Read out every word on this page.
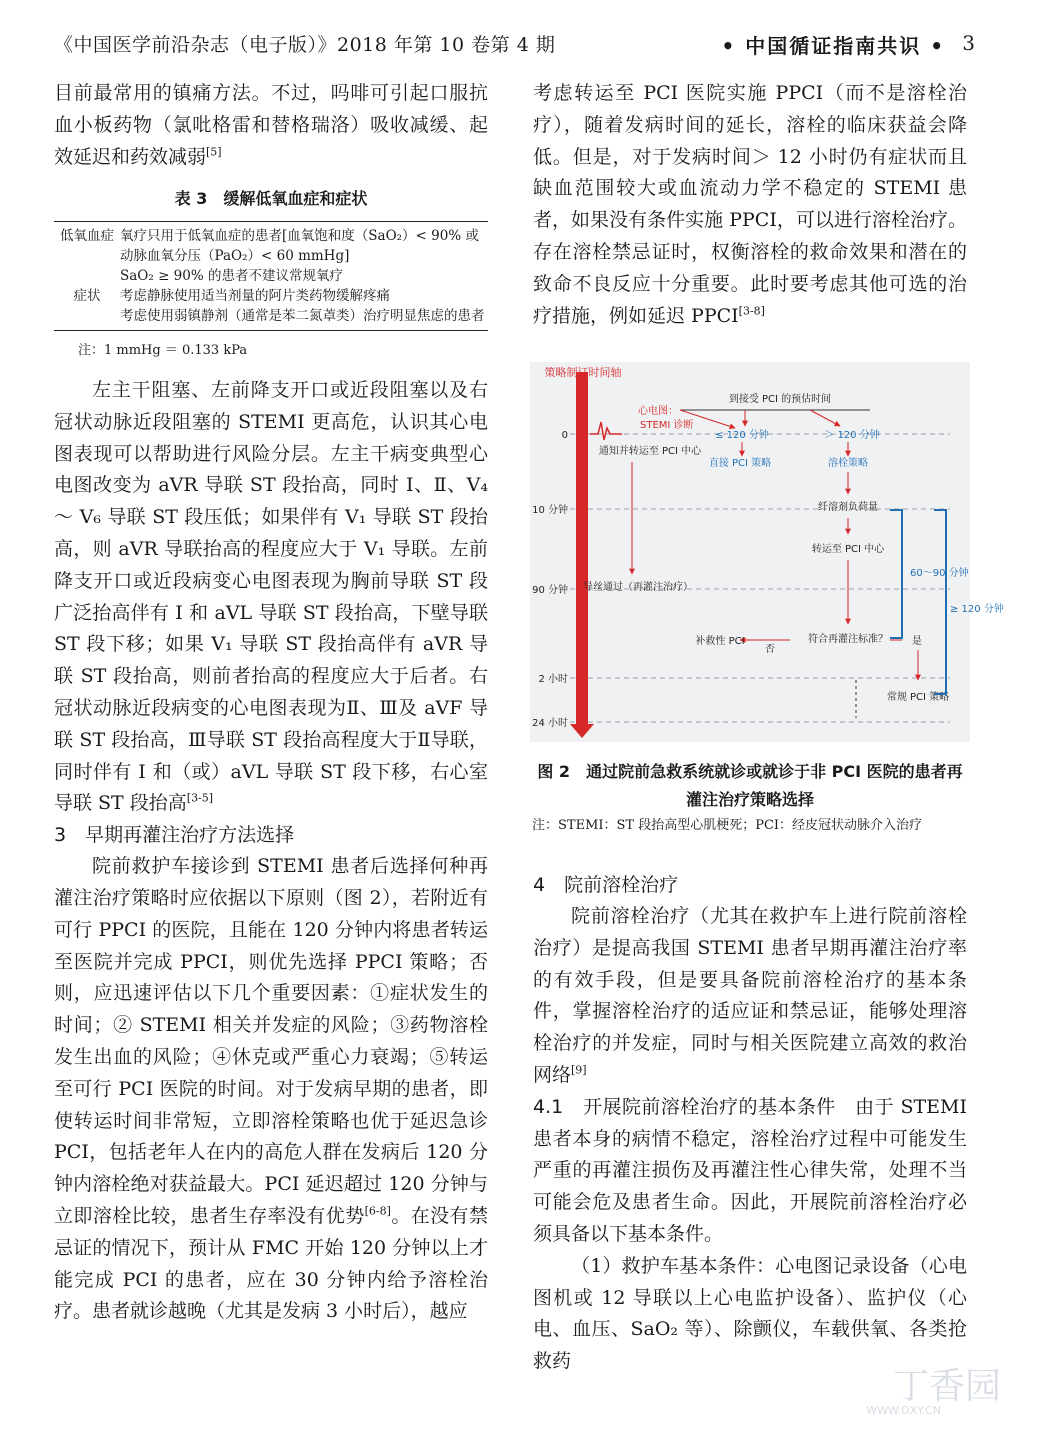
《中国医学前沿杂志（电子版）》2018 年第 10 卷第 4 期	• 中国循证指南共识 • 3

目前最常用的镇痛方法。不过，吗啡可引起口服抗血小板药物（氯吡格雷和替格瑞洛）吸收减缓、起效延迟和药效减弱[5]

表 3　缓解低氧血症和症状
低氧血症 氧疗只用于低氧血症的患者[血氧饱和度（SaO₂）< 90% 或动脉血氧分压（PaO₂）< 60 mmHg]
SaO₂ ≥ 90% 的患者不建议常规氧疗
症状	考虑静脉使用适当剂量的阿片类药物缓解疼痛
考虑使用弱镇静剂（通常是苯二氮䓬类）治疗明显焦虑的患者
注：1 mmHg ＝ 0.133 kPa

左主干阻塞、左前降支开口或近段阻塞以及右冠状动脉近段阻塞的 STEMI 更高危，认识其心电图表现可以帮助进行风险分层。左主干病变典型心电图改变为 aVR 导联 ST 段抬高，同时 Ⅰ、Ⅱ、V₄ ～ V₆ 导联 ST 段压低；如果伴有 V₁ 导联 ST 段抬高，则 aVR 导联抬高的程度应大于 V₁ 导联。左前降支开口或近段病变心电图表现为胸前导联 ST 段广泛抬高伴有 Ⅰ 和 aVL 导联 ST 段抬高，下壁导联 ST 段下移；如果 V₁ 导联 ST 段抬高伴有 aVR 导联 ST 段抬高，则前者抬高的程度应大于后者。右冠状动脉近段病变的心电图表现为Ⅱ、Ⅲ及 aVF 导联 ST 段抬高，Ⅲ导联 ST 段抬高程度大于Ⅱ导联，同时伴有 Ⅰ 和（或）aVL 导联 ST 段下移，右心室导联 ST 段抬高[3-5]

3　早期再灌注治疗方法选择

院前救护车接诊到 STEMI 患者后选择何种再灌注治疗策略时应依据以下原则（图 2），若附近有可行 PPCI 的医院，且能在 120 分钟内将患者转运至医院并完成 PPCI，则优先选择 PPCI 策略；否则，应迅速评估以下几个重要因素：①症状发生的时间；② STEMI 相关并发症的风险；③药物溶栓发生出血的风险；④休克或严重心力衰竭；⑤转运至可行 PCI 医院的时间。对于发病早期的患者，即使转运时间非常短，立即溶栓策略也优于延迟急诊 PCI，包括老年人在内的高危人群在发病后 120 分钟内溶栓绝对获益最大。PCI 延迟超过 120 分钟与立即溶栓比较，患者生存率没有优势[6-8]。在没有禁忌证的情况下，预计从 FMC 开始 120 分钟以上才能完成 PCI 的患者，应在 30 分钟内给予溶栓治疗。患者就诊越晚（尤其是发病 3 小时后），越应

考虑转运至 PCI 医院实施 PPCI（而不是溶栓治疗），随着发病时间的延长，溶栓的临床获益会降低。但是，对于发病时间＞ 12 小时仍有症状而且缺血范围较大或血流动力学不稳定的 STEMI 患者，如果没有条件实施 PPCI，可以进行溶栓治疗。存在溶栓禁忌证时，权衡溶栓的救命效果和潜在的致命不良反应十分重要。此时要考虑其他可选的治疗措施，例如延迟 PPCI[3-8]

策略制订时间轴
0
10 分钟
90 分钟
2 小时
24 小时
心电图：
STEMI 诊断
到接受 PCI 的预估时间
≤ 120 分钟	＞ 120 分钟
通知并转运至 PCI 中心
直接 PCI 策略	溶栓策略
纤溶剂负荷量
转运至 PCI 中心
导丝通过（再灌注治疗）
符合再灌注标准？
否
补救性 PCI	是
常规 PCI 策略
60～90 分钟
≥ 120 分钟
图 2　通过院前急救系统就诊或就诊于非 PCI 医院的患者再灌注治疗策略选择
注：STEMI：ST 段抬高型心肌梗死；PCI：经皮冠状动脉介入治疗

4　院前溶栓治疗

院前溶栓治疗（尤其在救护车上进行院前溶栓治疗）是提高我国 STEMI 患者早期再灌注治疗率的有效手段，但是要具备院前溶栓治疗的基本条件，掌握溶栓治疗的适应证和禁忌证，能够处理溶栓治疗的并发症，同时与相关医院建立高效的救治网络[9]

4.1　开展院前溶栓治疗的基本条件　 由于 STEMI 患者本身的病情不稳定，溶栓治疗过程中可能发生严重的再灌注损伤及再灌注性心律失常，处理不当可能会危及患者生命。因此，开展院前溶栓治疗必须具备以下基本条件。

（1）救护车基本条件：心电图记录设备（心电图机或 12 导联以上心电监护设备）、监护仪（心电、血压、SaO₂ 等）、除颤仪，车载供氧、各类抢救药

丁香园
WWW.DXY.CN
